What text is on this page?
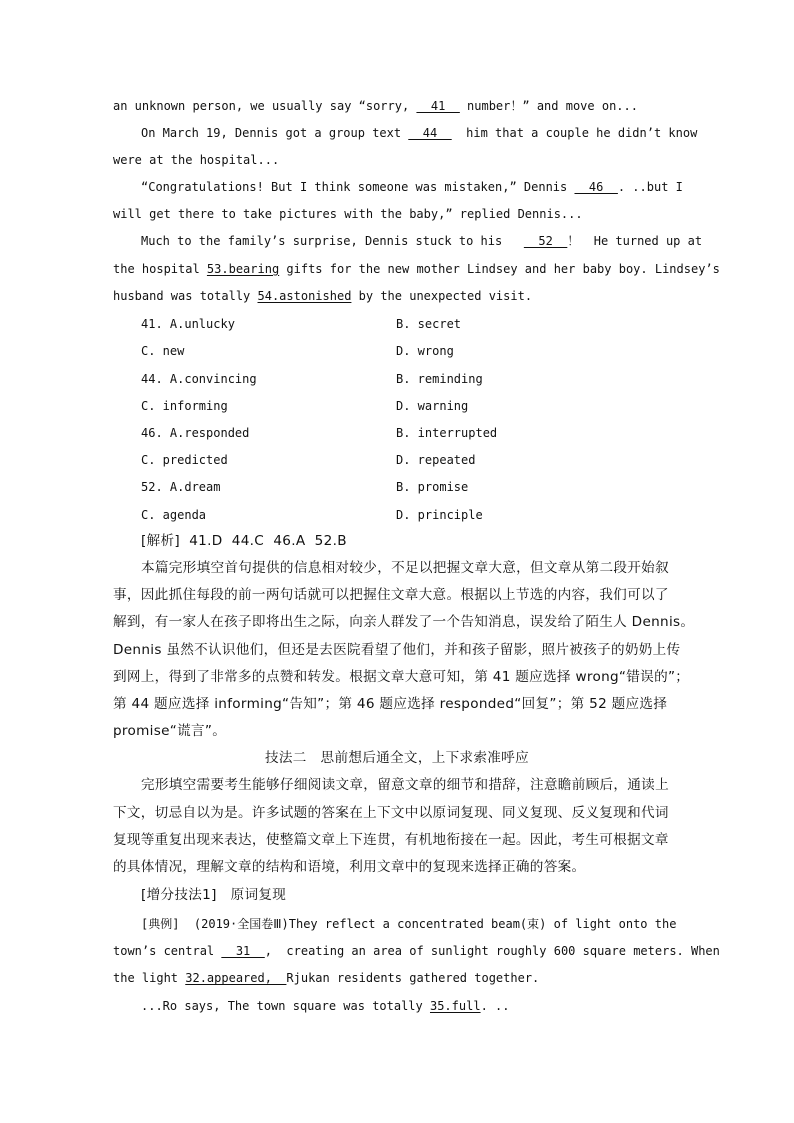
an unknown person, we usually say “sorry, __41__ number！” and move on...
On March 19, Dennis got a group text __44__  him that a couple he didn’t know
were at the hospital...
“Congratulations! But I think someone was mistaken,” Dennis __46__. ..but I
will get there to take pictures with the baby,” replied Dennis...
Much to the family’s surprise, Dennis stuck to his   __52__！  He turned up at
the hospital 53.bearing gifts for the new mother Lindsey and her baby boy. Lindsey’s
husband was totally 54.astonished by the unexpected visit.
41. A.unlucky	B. secret
C. new	D. wrong
44. A.convincing	B. reminding
C. informing	D. warning
46. A.responded	B. interrupted
C. predicted	D. repeated
52. A.dream	B. promise
C. agenda	D. principle
[解析]  41.D  44.C  46.A  52.B
本篇完形填空首句提供的信息相对较少，不足以把握文章大意，但文章从第二段开始叙
事，因此抓住每段的前一两句话就可以把握住文章大意。根据以上节选的内容，我们可以了
解到，有一家人在孩子即将出生之际，向亲人群发了一个告知消息，误发给了陌生人 Dennis。
Dennis 虽然不认识他们，但还是去医院看望了他们，并和孩子留影，照片被孩子的奶奶上传
到网上，得到了非常多的点赞和转发。根据文章大意可知，第 41 题应选择 wrong“错误的”；
第 44 题应选择 informing“告知”；第 46 题应选择 responded“回复”；第 52 题应选择
promise“谎言”。
技法二   思前想后通全文，上下求索准呼应
完形填空需要考生能够仔细阅读文章，留意文章的细节和措辞，注意瞻前顾后，通读上
下文，切忌自以为是。许多试题的答案在上下文中以原词复现、同义复现、反义复现和代词
复现等重复出现来表达，使整篇文章上下连贯，有机地衔接在一起。因此，考生可根据文章
的具体情况，理解文章的结构和语境，利用文章中的复现来选择正确的答案。
[增分技法1]   原词复现
[典例]  (2019·全国卷Ⅲ)They reflect a concentrated beam(束) of light onto the
town’s central __31__,  creating an area of sunlight roughly 600 square meters. When
the light 32.appeared,__Rjukan residents gathered together.
...Ro says, The town square was totally 35.full. ..
